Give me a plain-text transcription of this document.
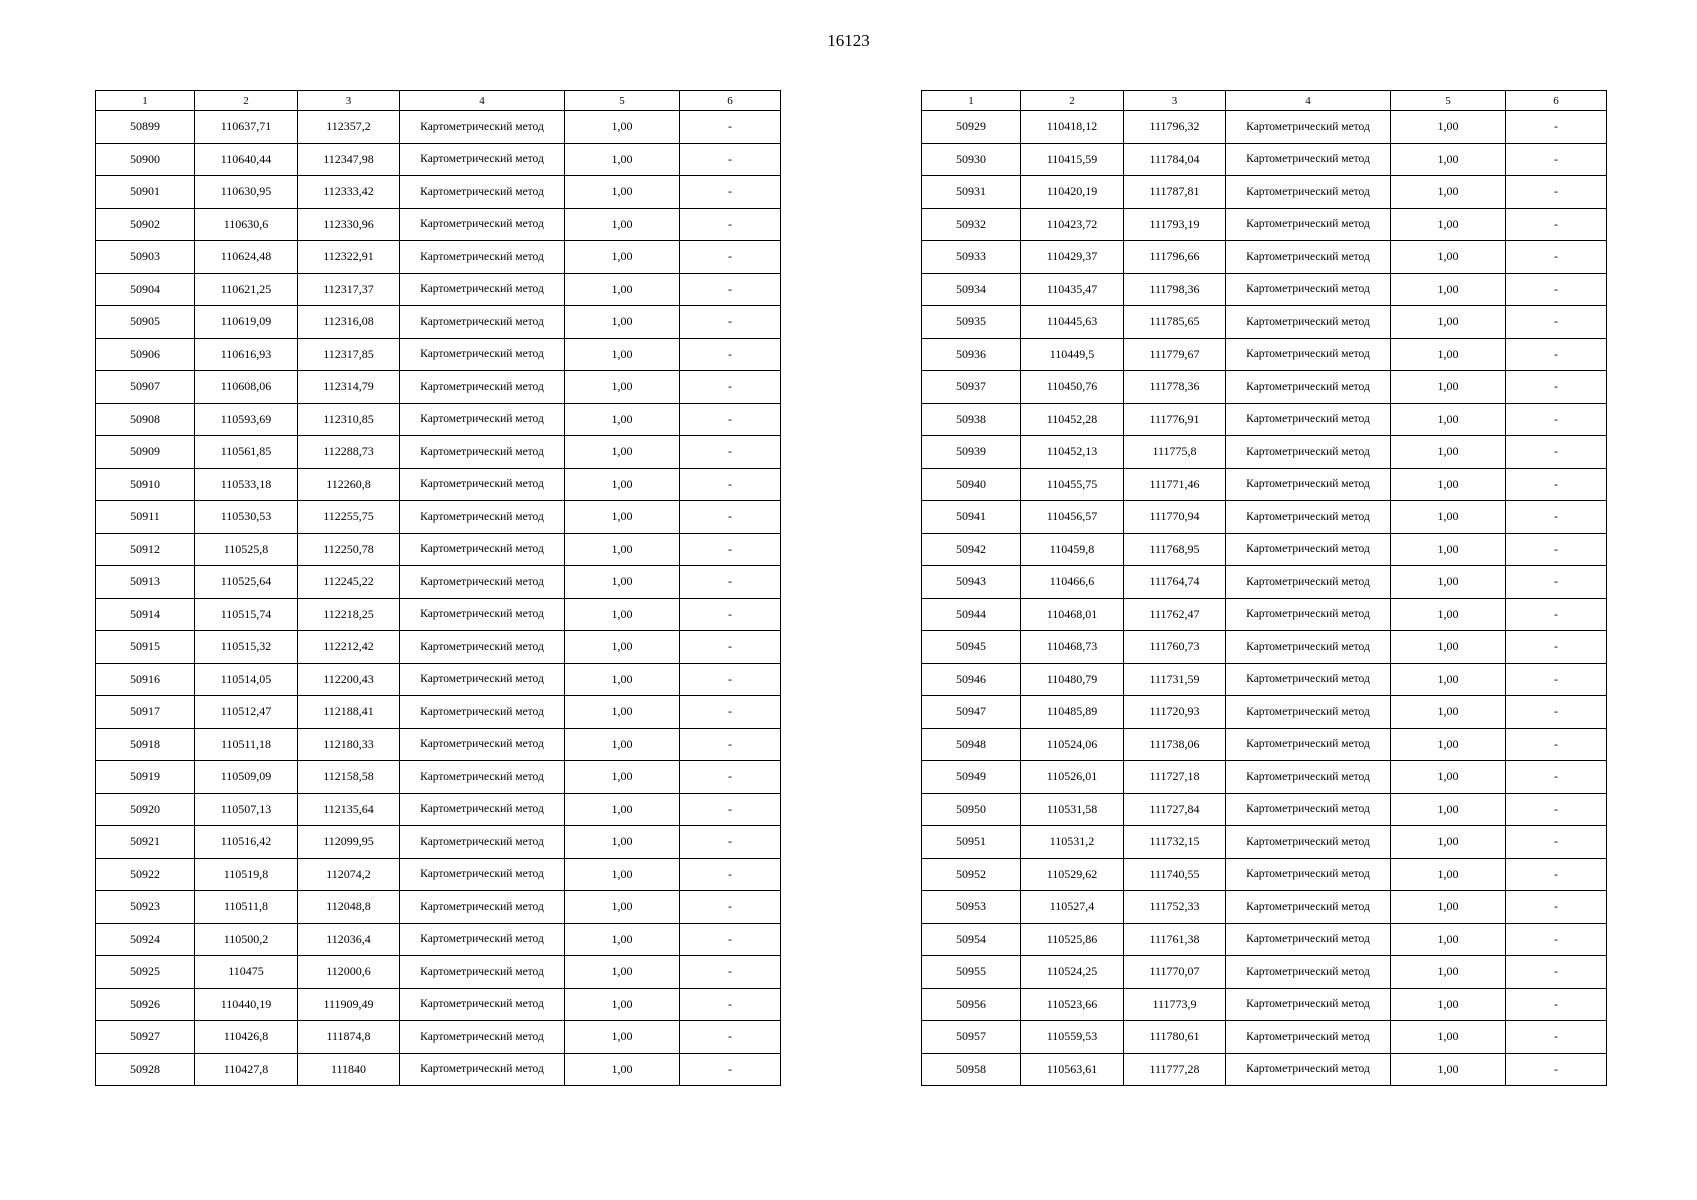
16123
1	2	3	4	5	6
50899	110637,71	112357,2	Картометрический метод	1,00	-
50900	110640,44	112347,98	Картометрический метод	1,00	-
50901	110630,95	112333,42	Картометрический метод	1,00	-
50902	110630,6	112330,96	Картометрический метод	1,00	-
50903	110624,48	112322,91	Картометрический метод	1,00	-
50904	110621,25	112317,37	Картометрический метод	1,00	-
50905	110619,09	112316,08	Картометрический метод	1,00	-
50906	110616,93	112317,85	Картометрический метод	1,00	-
50907	110608,06	112314,79	Картометрический метод	1,00	-
50908	110593,69	112310,85	Картометрический метод	1,00	-
50909	110561,85	112288,73	Картометрический метод	1,00	-
50910	110533,18	112260,8	Картометрический метод	1,00	-
50911	110530,53	112255,75	Картометрический метод	1,00	-
50912	110525,8	112250,78	Картометрический метод	1,00	-
50913	110525,64	112245,22	Картометрический метод	1,00	-
50914	110515,74	112218,25	Картометрический метод	1,00	-
50915	110515,32	112212,42	Картометрический метод	1,00	-
50916	110514,05	112200,43	Картометрический метод	1,00	-
50917	110512,47	112188,41	Картометрический метод	1,00	-
50918	110511,18	112180,33	Картометрический метод	1,00	-
50919	110509,09	112158,58	Картометрический метод	1,00	-
50920	110507,13	112135,64	Картометрический метод	1,00	-
50921	110516,42	112099,95	Картометрический метод	1,00	-
50922	110519,8	112074,2	Картометрический метод	1,00	-
50923	110511,8	112048,8	Картометрический метод	1,00	-
50924	110500,2	112036,4	Картометрический метод	1,00	-
50925	110475	112000,6	Картометрический метод	1,00	-
50926	110440,19	111909,49	Картометрический метод	1,00	-
50927	110426,8	111874,8	Картометрический метод	1,00	-
50928	110427,8	111840	Картометрический метод	1,00	-
1	2	3	4	5	6
50929	110418,12	111796,32	Картометрический метод	1,00	-
50930	110415,59	111784,04	Картометрический метод	1,00	-
50931	110420,19	111787,81	Картометрический метод	1,00	-
50932	110423,72	111793,19	Картометрический метод	1,00	-
50933	110429,37	111796,66	Картометрический метод	1,00	-
50934	110435,47	111798,36	Картометрический метод	1,00	-
50935	110445,63	111785,65	Картометрический метод	1,00	-
50936	110449,5	111779,67	Картометрический метод	1,00	-
50937	110450,76	111778,36	Картометрический метод	1,00	-
50938	110452,28	111776,91	Картометрический метод	1,00	-
50939	110452,13	111775,8	Картометрический метод	1,00	-
50940	110455,75	111771,46	Картометрический метод	1,00	-
50941	110456,57	111770,94	Картометрический метод	1,00	-
50942	110459,8	111768,95	Картометрический метод	1,00	-
50943	110466,6	111764,74	Картометрический метод	1,00	-
50944	110468,01	111762,47	Картометрический метод	1,00	-
50945	110468,73	111760,73	Картометрический метод	1,00	-
50946	110480,79	111731,59	Картометрический метод	1,00	-
50947	110485,89	111720,93	Картометрический метод	1,00	-
50948	110524,06	111738,06	Картометрический метод	1,00	-
50949	110526,01	111727,18	Картометрический метод	1,00	-
50950	110531,58	111727,84	Картометрический метод	1,00	-
50951	110531,2	111732,15	Картометрический метод	1,00	-
50952	110529,62	111740,55	Картометрический метод	1,00	-
50953	110527,4	111752,33	Картометрический метод	1,00	-
50954	110525,86	111761,38	Картометрический метод	1,00	-
50955	110524,25	111770,07	Картометрический метод	1,00	-
50956	110523,66	111773,9	Картометрический метод	1,00	-
50957	110559,53	111780,61	Картометрический метод	1,00	-
50958	110563,61	111777,28	Картометрический метод	1,00	-
